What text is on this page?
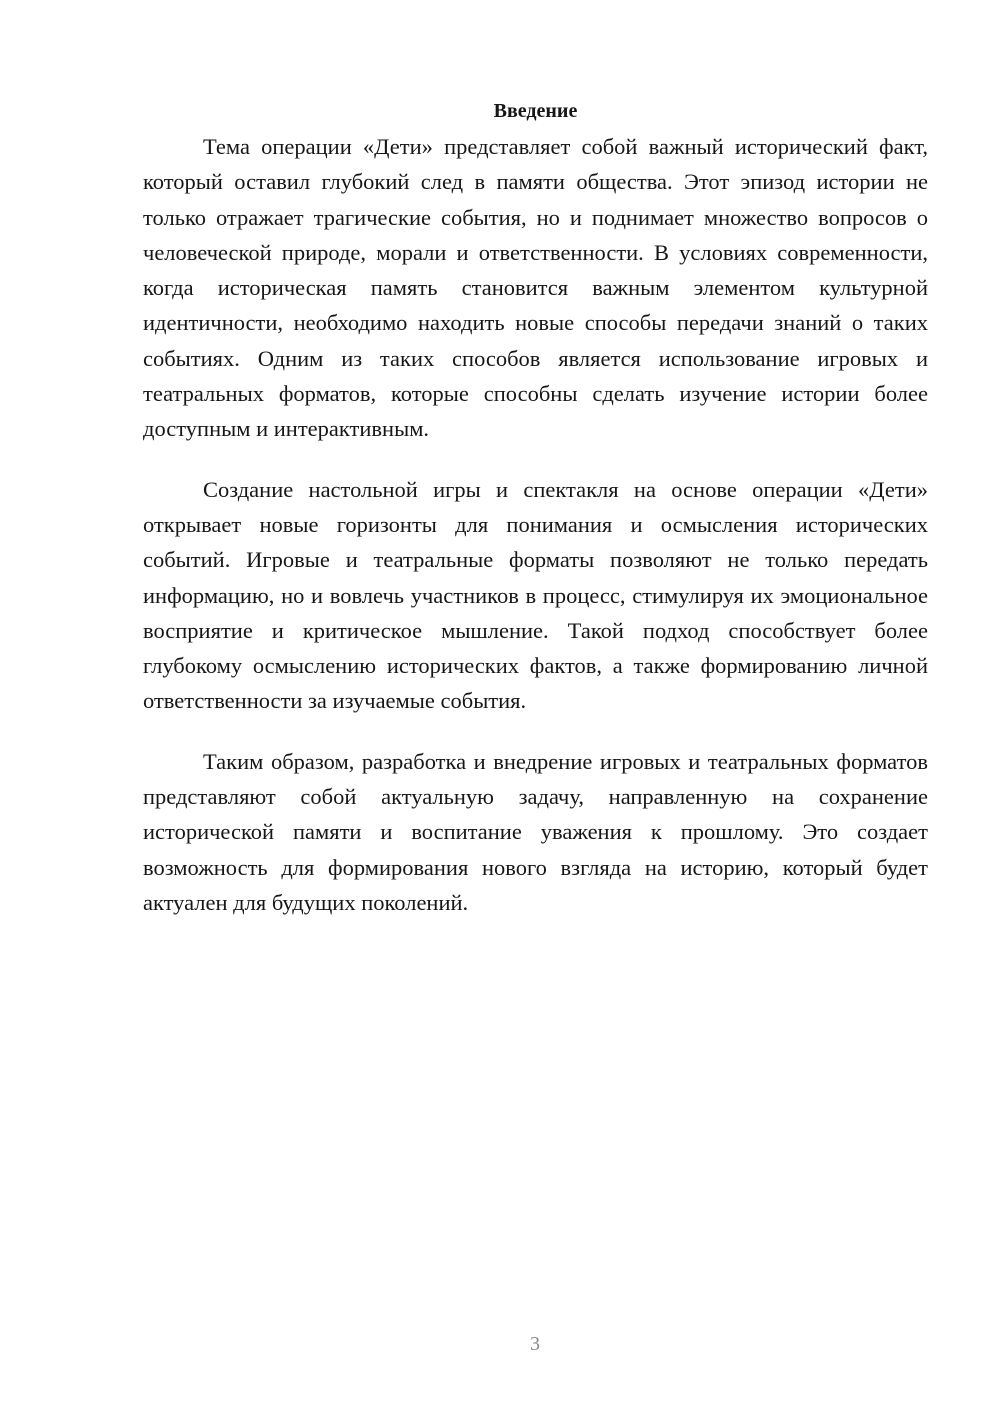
Введение

Тема операции «Дети» представляет собой важный исторический факт, который оставил глубокий след в памяти общества. Этот эпизод истории не только отражает трагические события, но и поднимает множество вопросов о человеческой природе, морали и ответственности. В условиях современности, когда историческая память становится важным элементом культурной идентичности, необходимо находить новые способы передачи знаний о таких событиях. Одним из таких способов является использование игровых и театральных форматов, которые способны сделать изучение истории более доступным и интерактивным.

Создание настольной игры и спектакля на основе операции «Дети» открывает новые горизонты для понимания и осмысления исторических событий. Игровые и театральные форматы позволяют не только передать информацию, но и вовлечь участников в процесс, стимулируя их эмоциональное восприятие и критическое мышление. Такой подход способствует более глубокому осмыслению исторических фактов, а также формированию личной ответственности за изучаемые события.

Таким образом, разработка и внедрение игровых и театральных форматов представляют собой актуальную задачу, направленную на сохранение исторической памяти и воспитание уважения к прошлому. Это создает возможность для формирования нового взгляда на историю, который будет актуален для будущих поколений.

3
